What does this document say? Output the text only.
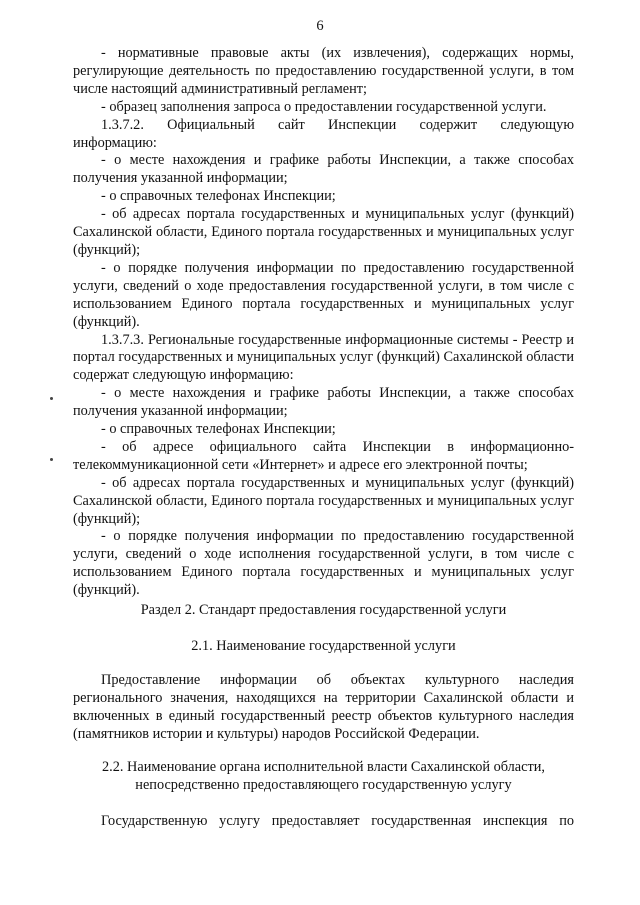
6

- нормативные правовые акты (их извлечения), содержащих нормы, регулирующие деятельность по предоставлению государственной услуги, в том числе настоящий административный регламент;

- образец заполнения запроса о предоставлении государственной услуги.

1.3.7.2. Официальный сайт Инспекции содержит следующую информацию:

- о месте нахождения и графике работы Инспекции, а также способах получения указанной информации;

- о справочных телефонах Инспекции;

- об адресах портала государственных и муниципальных услуг (функций) Сахалинской области, Единого портала государственных и муниципальных услуг (функций);

- о порядке получения информации по предоставлению государственной услуги, сведений о ходе предоставления государственной услуги, в том числе с использованием Единого портала государственных и муниципальных услуг (функций).

1.3.7.3. Региональные государственные информационные системы - Реестр и портал государственных и муниципальных услуг (функций) Сахалинской области содержат следующую информацию:

- о месте нахождения и графике работы Инспекции, а также способах получения указанной информации;

- о справочных телефонах Инспекции;

- об адресе официального сайта Инспекции в информационно-телекоммуникационной сети «Интернет» и адресе его электронной почты;

- об адресах портала государственных и муниципальных услуг (функций) Сахалинской области, Единого портала государственных и муниципальных услуг (функций);

- о порядке получения информации по предоставлению государственной услуги, сведений о ходе исполнения государственной услуги, в том числе с использованием Единого портала государственных и муниципальных услуг (функций).

Раздел 2. Стандарт предоставления государственной услуги

2.1. Наименование государственной услуги

Предоставление информации об объектах культурного наследия регионального значения, находящихся на территории Сахалинской области и включенных в единый государственный реестр объектов культурного наследия (памятников истории и культуры) народов Российской Федерации.

2.2. Наименование органа исполнительной власти Сахалинской области,

непосредственно предоставляющего государственную услугу

Государственную услугу предоставляет государственная инспекция по
